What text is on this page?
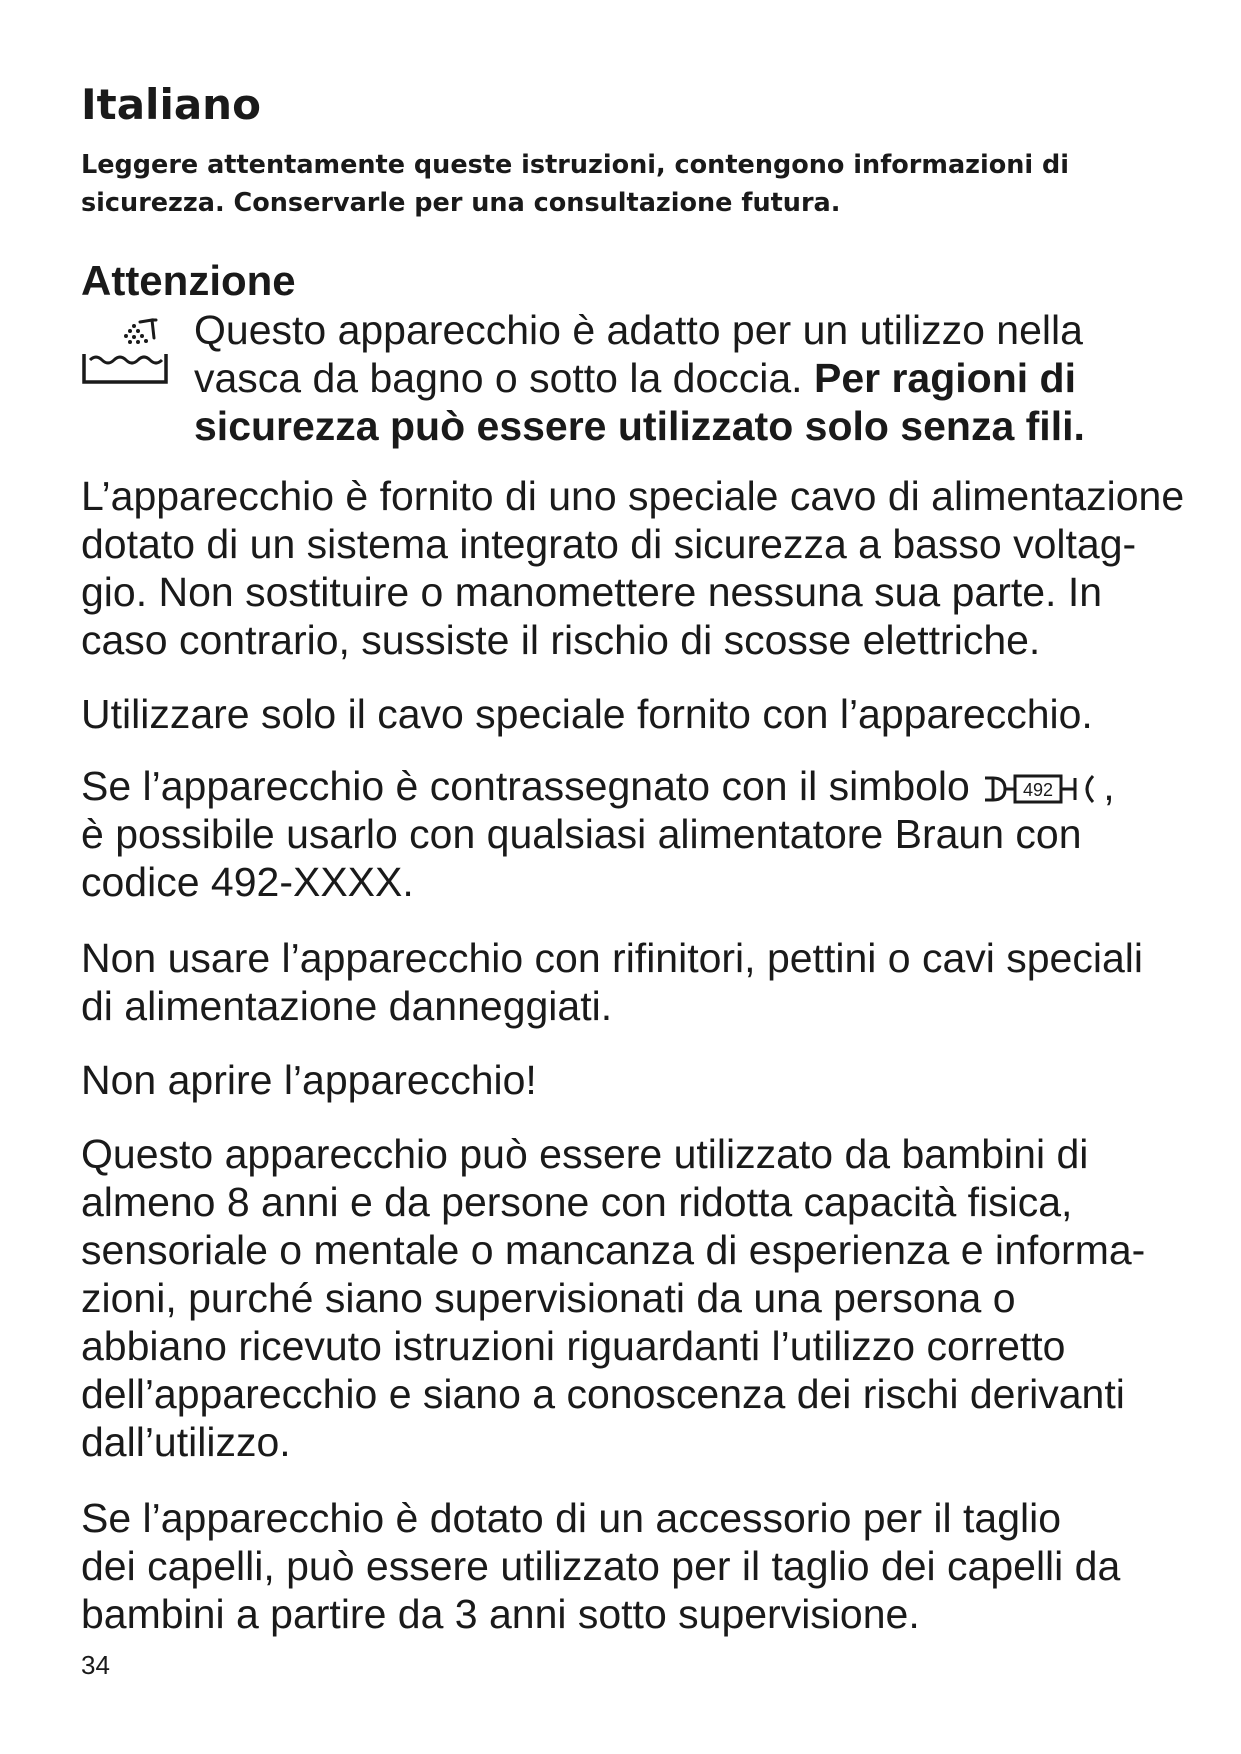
Italiano

Leggere attentamente queste istruzioni, contengono informazioni di
sicurezza. Conservarle per una consultazione futura.

Attenzione

Questo apparecchio è adatto per un utilizzo nella
vasca da bagno o sotto la doccia. Per ragioni di
sicurezza può essere utilizzato solo senza fili.

L’apparecchio è fornito di uno speciale cavo di alimentazione
dotato di un sistema integrato di sicurezza a basso voltag-
gio. Non sostituire o manomettere nessuna sua parte. In
caso contrario, sussiste il rischio di scosse elettriche.

Utilizzare solo il cavo speciale fornito con l’apparecchio.

Se l’apparecchio è contrassegnato con il simbolo 492 ,
è possibile usarlo con qualsiasi alimentatore Braun con
codice 492-XXXX.

Non usare l’apparecchio con rifinitori, pettini o cavi speciali
di alimentazione danneggiati.

Non aprire l’apparecchio!

Questo apparecchio può essere utilizzato da bambini di
almeno 8 anni e da persone con ridotta capacità fisica,
sensoriale o mentale o mancanza di esperienza e informa-
zioni, purché siano supervisionati da una persona o
abbiano ricevuto istruzioni riguardanti l’utilizzo corretto
dell’apparecchio e siano a conoscenza dei rischi derivanti
dall’utilizzo.

Se l’apparecchio è dotato di un accessorio per il taglio
dei capelli, può essere utilizzato per il taglio dei capelli da
bambini a partire da 3 anni sotto supervisione.

34
